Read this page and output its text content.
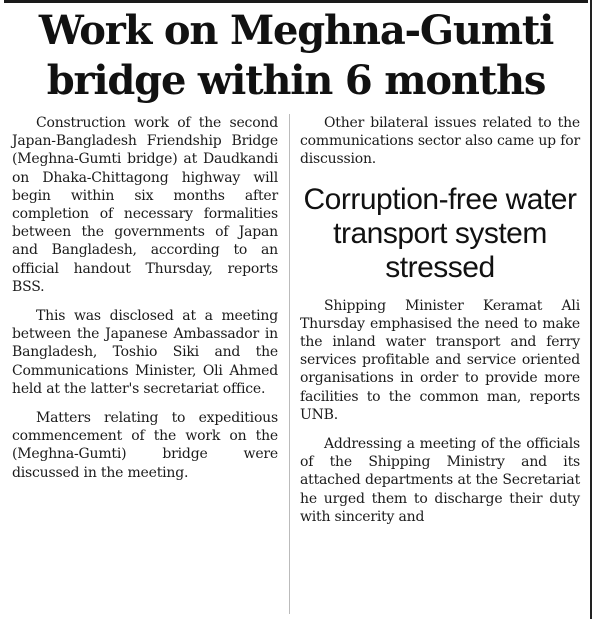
Work on Meghna-Gumti
bridge within 6 months

Construction work of the second Japan-Bangladesh Friendship Bridge (Meghna-Gumti bridge) at Daudkandi on Dhaka-Chittagong highway will begin within six months after completion of necessary formalities between the governments of Japan and Bangladesh, according to an official handout Thursday, reports BSS.

This was disclosed at a meeting between the Japanese Ambassador in Bangladesh, Toshio Siki and the Communications Minister, Oli Ahmed held at the latter's secretariat office.

Matters relating to expeditious commencement of the work on the (Meghna-Gumti) bridge were discussed in the meeting.

Other bilateral issues related to the communications sector also came up for discussion.

Corruption-free water transport system stressed

Shipping Minister Keramat Ali Thursday emphasised the need to make the inland water transport and ferry services profitable and service oriented organisations in order to provide more facilities to the common man, reports UNB.

Addressing a meeting of the officials of the Shipping Ministry and its attached departments at the Secretariat he urged them to discharge their duty with sincerity and
